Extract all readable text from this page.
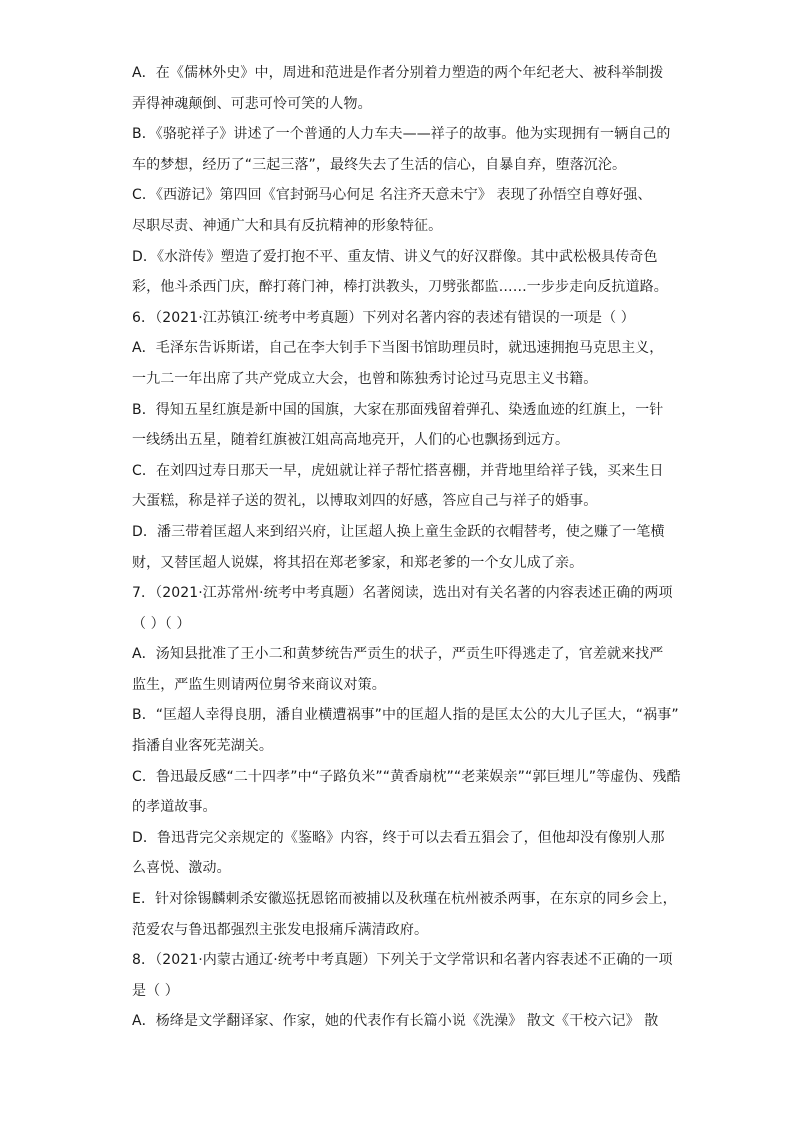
A．在《儒林外史》中，周进和范进是作者分别着力塑造的两个年纪老大、被科举制拨
弄得神魂颠倒、可悲可怜可笑的人物。
B．《骆驼祥子》讲述了一个普通的人力车夫——祥子的故事。他为实现拥有一辆自己的
车的梦想，经历了“三起三落”，最终失去了生活的信心，自暴自弃，堕落沉沦。
C．《西游记》第四回《官封弼马心何足 名注齐天意未宁》 表现了孙悟空自尊好强、
尽职尽责、神通广大和具有反抗精神的形象特征。
D．《水浒传》塑造了爱打抱不平、重友情、讲义气的好汉群像。其中武松极具传奇色
彩，他斗杀西门庆，醉打蒋门神，棒打洪教头，刀劈张都监……一步步走向反抗道路。
6．（2021·江苏镇江·统考中考真题）下列对名著内容的表述有错误的一项是（ ）
A．毛泽东告诉斯诺，自己在李大钊手下当图书馆助理员时，就迅速拥抱马克思主义，
一九二一年出席了共产党成立大会，也曾和陈独秀讨论过马克思主义书籍。
B．得知五星红旗是新中国的国旗，大家在那面残留着弹孔、染透血迹的红旗上，一针
一线绣出五星，随着红旗被江姐高高地亮开，人们的心也飘扬到远方。
C．在刘四过寿日那天一早，虎妞就让祥子帮忙搭喜棚，并背地里给祥子钱，买来生日
大蛋糕，称是祥子送的贺礼，以博取刘四的好感，答应自己与祥子的婚事。
D．潘三带着匡超人来到绍兴府，让匡超人换上童生金跃的衣帽替考，使之赚了一笔横
财，又替匡超人说媒，将其招在郑老爹家，和郑老爹的一个女儿成了亲。
7．（2021·江苏常州·统考中考真题）名著阅读，选出对有关名著的内容表述正确的两项
（ ）（ ）
A．汤知县批准了王小二和黄梦统告严贡生的状子，严贡生吓得逃走了，官差就来找严
监生，严监生则请两位舅爷来商议对策。
B．“匡超人幸得良朋，潘自业横遭祸事”中的匡超人指的是匡太公的大儿子匡大，“祸事”
指潘自业客死芜湖关。
C．鲁迅最反感“二十四孝”中“子路负米”“黄香扇枕”“老莱娱亲”“郭巨埋儿”等虚伪、残酷
的孝道故事。
D．鲁迅背完父亲规定的《鉴略》内容，终于可以去看五猖会了，但他却没有像别人那
么喜悦、激动。
E．针对徐锡麟刺杀安徽巡抚恩铭而被捕以及秋瑾在杭州被杀两事，在东京的同乡会上，
范爱农与鲁迅都强烈主张发电报痛斥满清政府。
8．（2021·内蒙古通辽·统考中考真题）下列关于文学常识和名著内容表述不正确的一项
是（ ）
A．杨绛是文学翻译家、作家，她的代表作有长篇小说《洗澡》 散文《干校六记》 散
